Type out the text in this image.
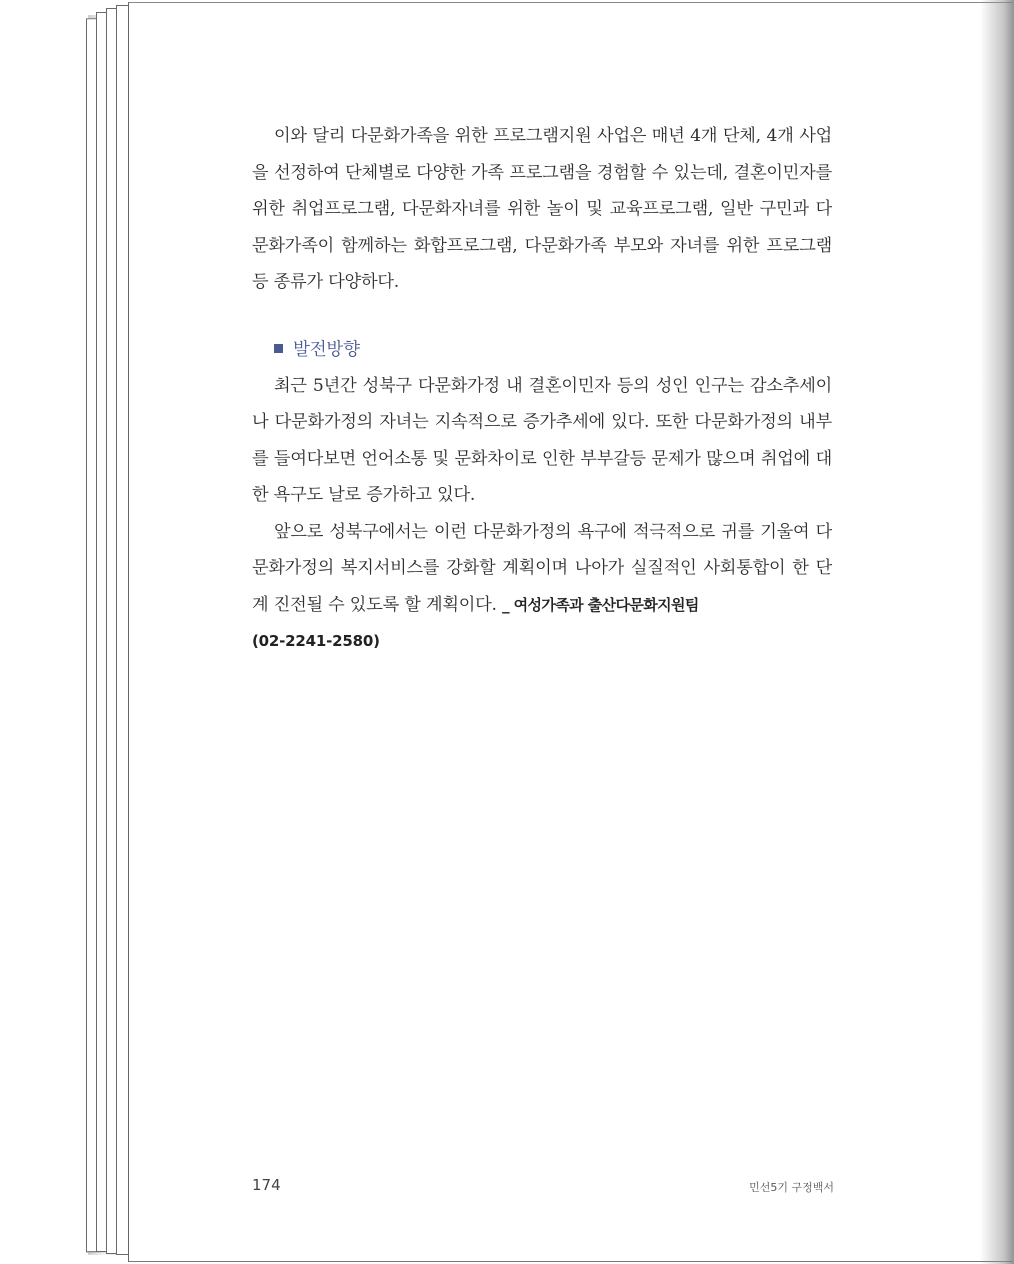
이와 달리 다문화가족을 위한 프로그램지원 사업은 매년 4개 단체, 4개 사업을 선정하여 단체별로 다양한 가족 프로그램을 경험할 수 있는데, 결혼이민자를 위한 취업프로그램, 다문화자녀를 위한 놀이 및 교육프로그램, 일반 구민과 다문화가족이 함께하는 화합프로그램, 다문화가족 부모와 자녀를 위한 프로그램 등 종류가 다양하다.

발전방향

최근 5년간 성북구 다문화가정 내 결혼이민자 등의 성인 인구는 감소추세이나 다문화가정의 자녀는 지속적으로 증가추세에 있다. 또한 다문화가정의 내부를 들여다보면 언어소통 및 문화차이로 인한 부부갈등 문제가 많으며 취업에 대한 욕구도 날로 증가하고 있다.

앞으로 성북구에서는 이런 다문화가정의 욕구에 적극적으로 귀를 기울여 다문화가정의 복지서비스를 강화할 계획이며 나아가 실질적인 사회통합이 한 단계 진전될 수 있도록 할 계획이다. _ 여성가족과 출산다문화지원팀
(02-2241-2580)

174	민선5기 구정백서
